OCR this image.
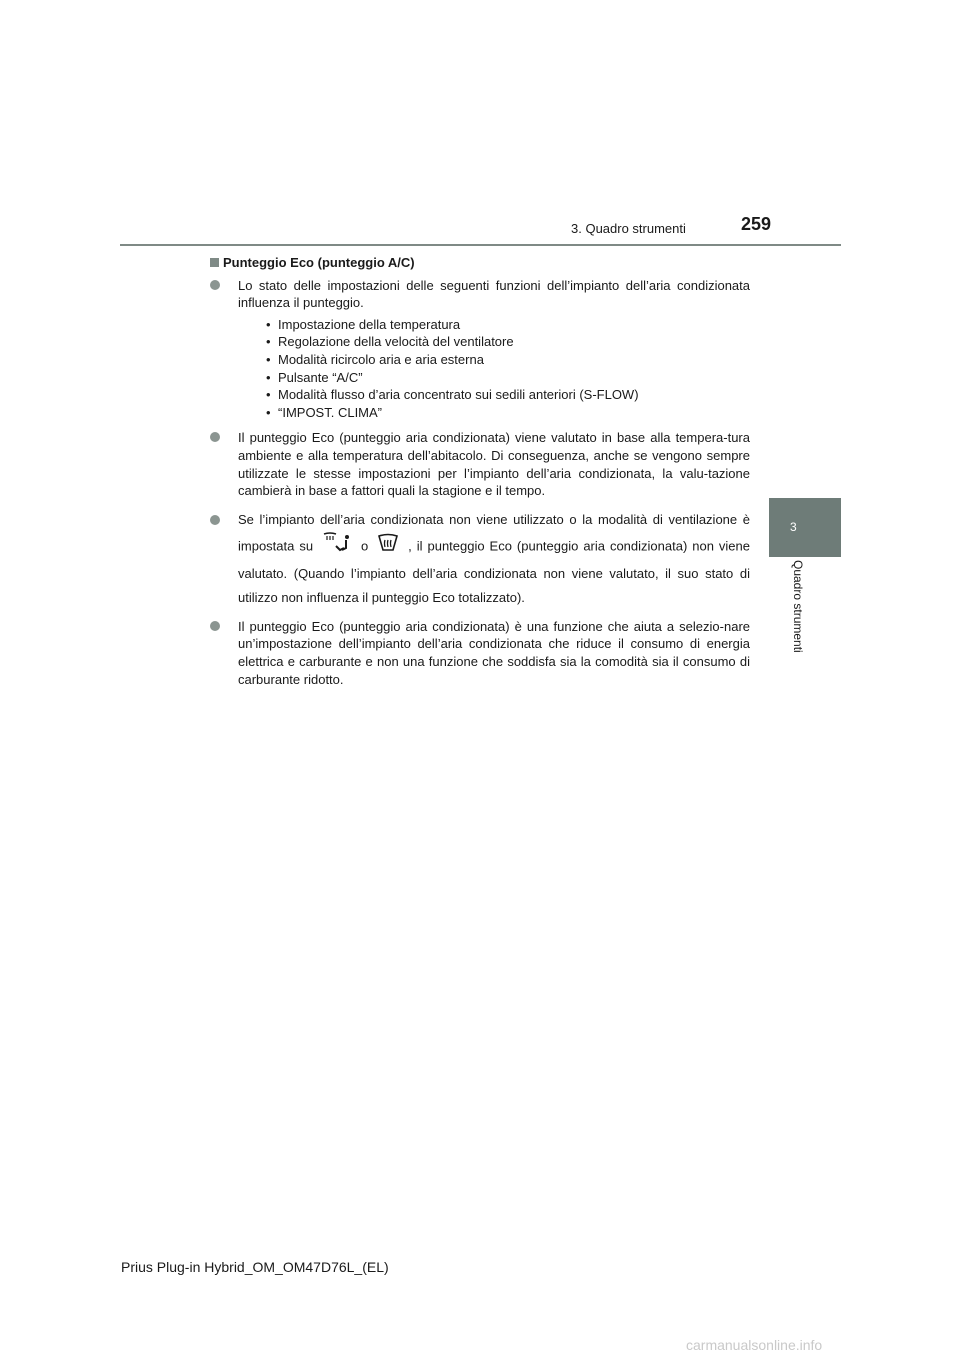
3. Quadro strumenti	259
3
Quadro strumenti
Punteggio Eco (punteggio A/C)
Lo stato delle impostazioni delle seguenti funzioni dell’impianto dell’aria condizionata influenza il punteggio.
• Impostazione della temperatura
• Regolazione della velocità del ventilatore
• Modalità ricircolo aria e aria esterna
• Pulsante “A/C”
• Modalità flusso d’aria concentrato sui sedili anteriori (S-FLOW)
• “IMPOST. CLIMA”
Il punteggio Eco (punteggio aria condizionata) viene valutato in base alla tempera-tura ambiente e alla temperatura dell’abitacolo. Di conseguenza, anche se vengono sempre utilizzate le stesse impostazioni per l’impianto dell’aria condizionata, la valu-tazione cambierà in base a fattori quali la stagione e il tempo.
Se l’impianto dell’aria condizionata non viene utilizzato o la modalità di ventilazione è impostata su	o	, il punteggio Eco (punteggio aria condizionata) non viene valutato. (Quando l’impianto dell’aria condizionata non viene valutato, il suo stato di utilizzo non influenza il punteggio Eco totalizzato).
Il punteggio Eco (punteggio aria condizionata) è una funzione che aiuta a selezio-nare un’impostazione dell’impianto dell’aria condizionata che riduce il consumo di energia elettrica e carburante e non una funzione che soddisfa sia la comodità sia il consumo di carburante ridotto.
Prius Plug-in Hybrid_OM_OM47D76L_(EL)
carmanualsonline.info
